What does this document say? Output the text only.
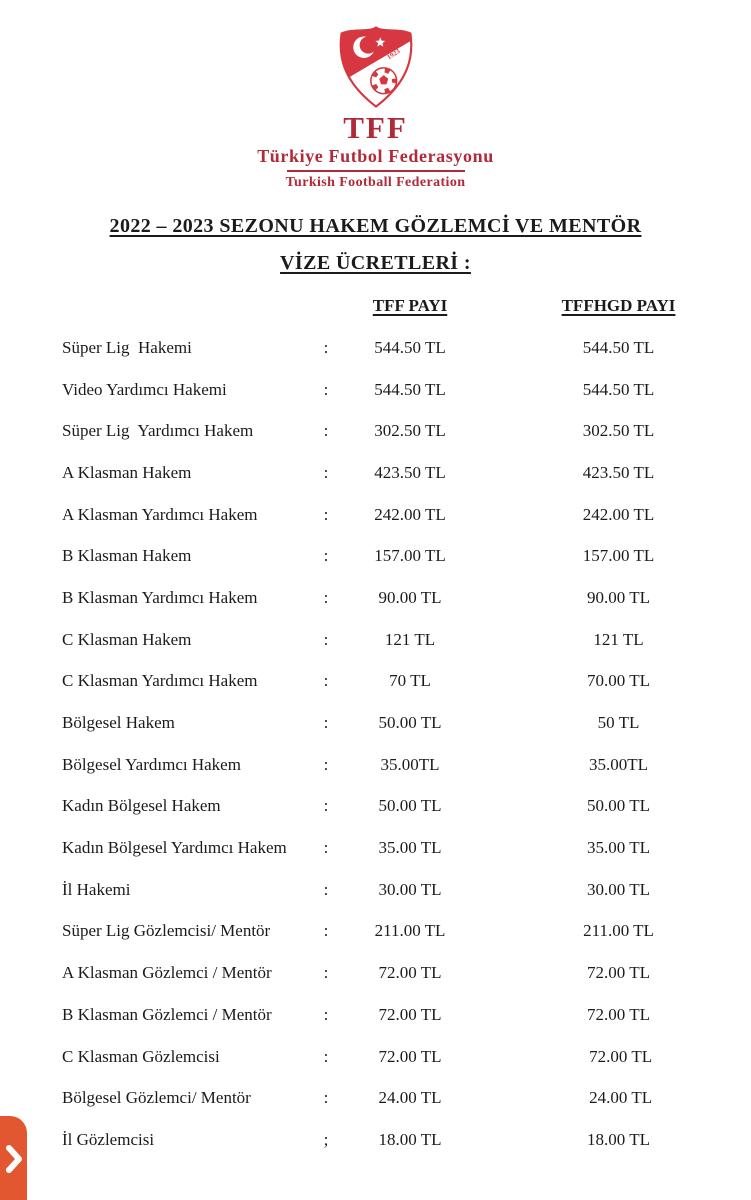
1923
TFF
Türkiye Futbol Federasyonu
Turkish Football Federation
2022 – 2023 SEZONU HAKEM GÖZLEMCİ VE MENTÖR
VİZE ÜCRETLERİ :
TFF PAYI	TFFHGD PAYI
Süper Lig  Hakemi	:	544.50 TL	544.50 TL
Video Yardımcı Hakemi	:	544.50 TL	544.50 TL
Süper Lig  Yardımcı Hakem	:	302.50 TL	302.50 TL
A Klasman Hakem	:	423.50 TL	423.50 TL
A Klasman Yardımcı Hakem	:	242.00 TL	242.00 TL
B Klasman Hakem	:	157.00 TL	157.00 TL
B Klasman Yardımcı Hakem	:	90.00 TL	90.00 TL
C Klasman Hakem	:	121 TL	121 TL
C Klasman Yardımcı Hakem	:	70 TL	70.00 TL
Bölgesel Hakem	:	50.00 TL	50 TL
Bölgesel Yardımcı Hakem	:	35.00TL	35.00TL
Kadın Bölgesel Hakem	:	50.00 TL	50.00 TL
Kadın Bölgesel Yardımcı Hakem	:	35.00 TL	35.00 TL
İl Hakemi	:	30.00 TL	30.00 TL
Süper Lig Gözlemcisi/ Mentör	:	211.00 TL	211.00 TL
A Klasman Gözlemci / Mentör	:	72.00 TL	72.00 TL
B Klasman Gözlemci / Mentör	:	72.00 TL	72.00 TL
C Klasman Gözlemcisi	:	72.00 TL	72.00 TL
Bölgesel Gözlemci/ Mentör	:	24.00 TL	24.00 TL
İl Gözlemcisi	;	18.00 TL	18.00 TL
